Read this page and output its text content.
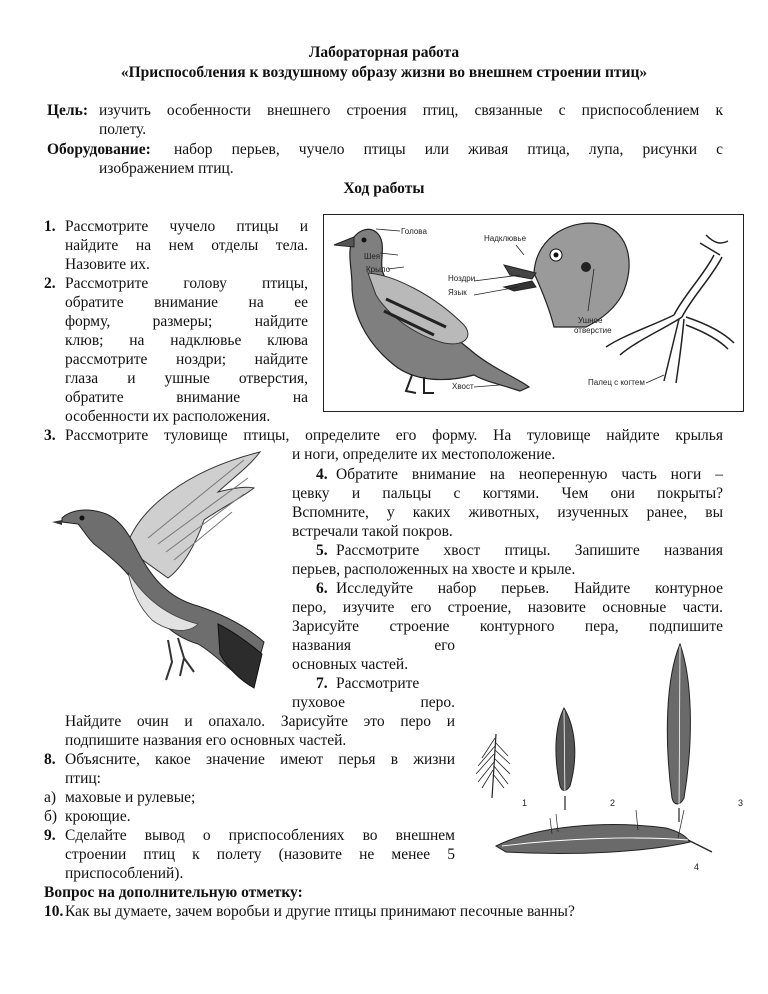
Лабораторная работа
«Приспособления к воздушному образу жизни во внешнем строении птиц»
Цель: изучить особенности внешнего строения птиц, связанные с приспособлением к
полету.
Оборудование: набор перьев, чучело птицы или живая птица, лупа, рисунки с
изображением птиц.
Ход работы
1. Рассмотрите чучело птицы и
найдите на нем отделы тела.
Назовите их.
2. Рассмотрите голову птицы,
обратите внимание на ее
форму, размеры; найдите
клюв; на надклювье клюва
рассмотрите ноздри; найдите
глаза и ушные отверстия,
обратите внимание на
особенности их расположения.
Голова
Шея
Крыло
Надклювье
Ноздри
Язык
Ушное
отверстие
Хвост	Палец с когтем
3. Рассмотрите туловище птицы, определите его форму. На туловище найдите крылья
и ноги, определите их местоположение.
4. Обратите внимание на неоперенную часть ноги –
цевку и пальцы с когтями. Чем они покрыты?
Вспомните, у каких животных, изученных ранее, вы
встречали такой покров.
5. Рассмотрите хвост птицы. Запишите названия
перьев, расположенных на хвосте и крыле.
6. Исследуйте набор перьев. Найдите контурное
перо, изучите его строение, назовите основные части.
Зарисуйте строение контурного пера, подпишите
названия его
основных частей.
7. Рассмотрите
пуховое перо.
Найдите очин и опахало. Зарисуйте это перо и
подпишите названия его основных частей.
8. Объясните, какое значение имеют перья в жизни
птиц:
а) маховые и рулевые;
б) кроющие.
9. Сделайте вывод о приспособлениях во внешнем
строении птиц к полету (назовите не менее 5
приспособлений).
1	2	3
4
Вопрос на дополнительную отметку:
10. Как вы думаете, зачем воробьи и другие птицы принимают песочные ванны?
